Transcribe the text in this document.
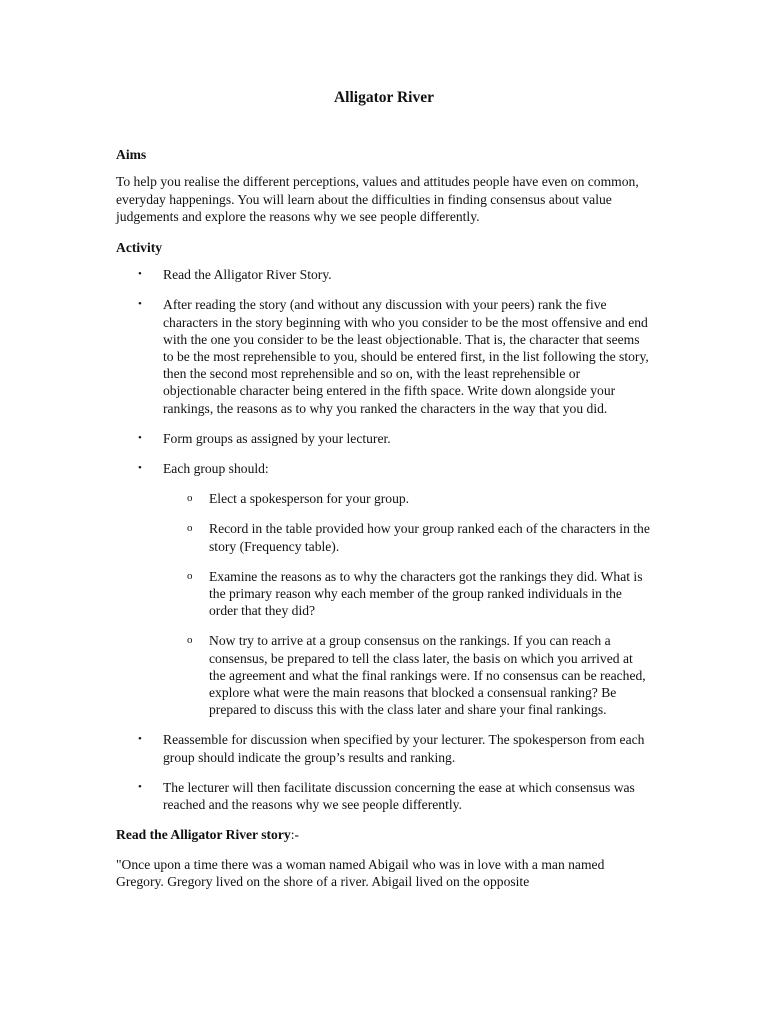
Alligator River
Aims
To help you realise the different perceptions, values and attitudes people have even on common, everyday happenings. You will learn about the difficulties in finding consensus about value judgements and explore the reasons why we see people differently.
Activity
• Read the Alligator River Story.
• After reading the story (and without any discussion with your peers) rank the five characters in the story beginning with who you consider to be the most offensive and end with the one you consider to be the least objectionable. That is, the character that seems to be the most reprehensible to you, should be entered first, in the list following the story, then the second most reprehensible and so on, with the least reprehensible or objectionable character being entered in the fifth space. Write down alongside your rankings, the reasons as to why you ranked the characters in the way that you did.
• Form groups as assigned by your lecturer.
• Each group should:
o Elect a spokesperson for your group.
o Record in the table provided how your group ranked each of the characters in the story (Frequency table).
o Examine the reasons as to why the characters got the rankings they did. What is the primary reason why each member of the group ranked individuals in the order that they did?
o Now try to arrive at a group consensus on the rankings. If you can reach a consensus, be prepared to tell the class later, the basis on which you arrived at the agreement and what the final rankings were. If no consensus can be reached, explore what were the main reasons that blocked a consensual ranking? Be prepared to discuss this with the class later and share your final rankings.
• Reassemble for discussion when specified by your lecturer. The spokesperson from each group should indicate the group’s results and ranking.
• The lecturer will then facilitate discussion concerning the ease at which consensus was reached and the reasons why we see people differently.
Read the Alligator River story:-
"Once upon a time there was a woman named Abigail who was in love with a man named Gregory. Gregory lived on the shore of a river. Abigail lived on the opposite
